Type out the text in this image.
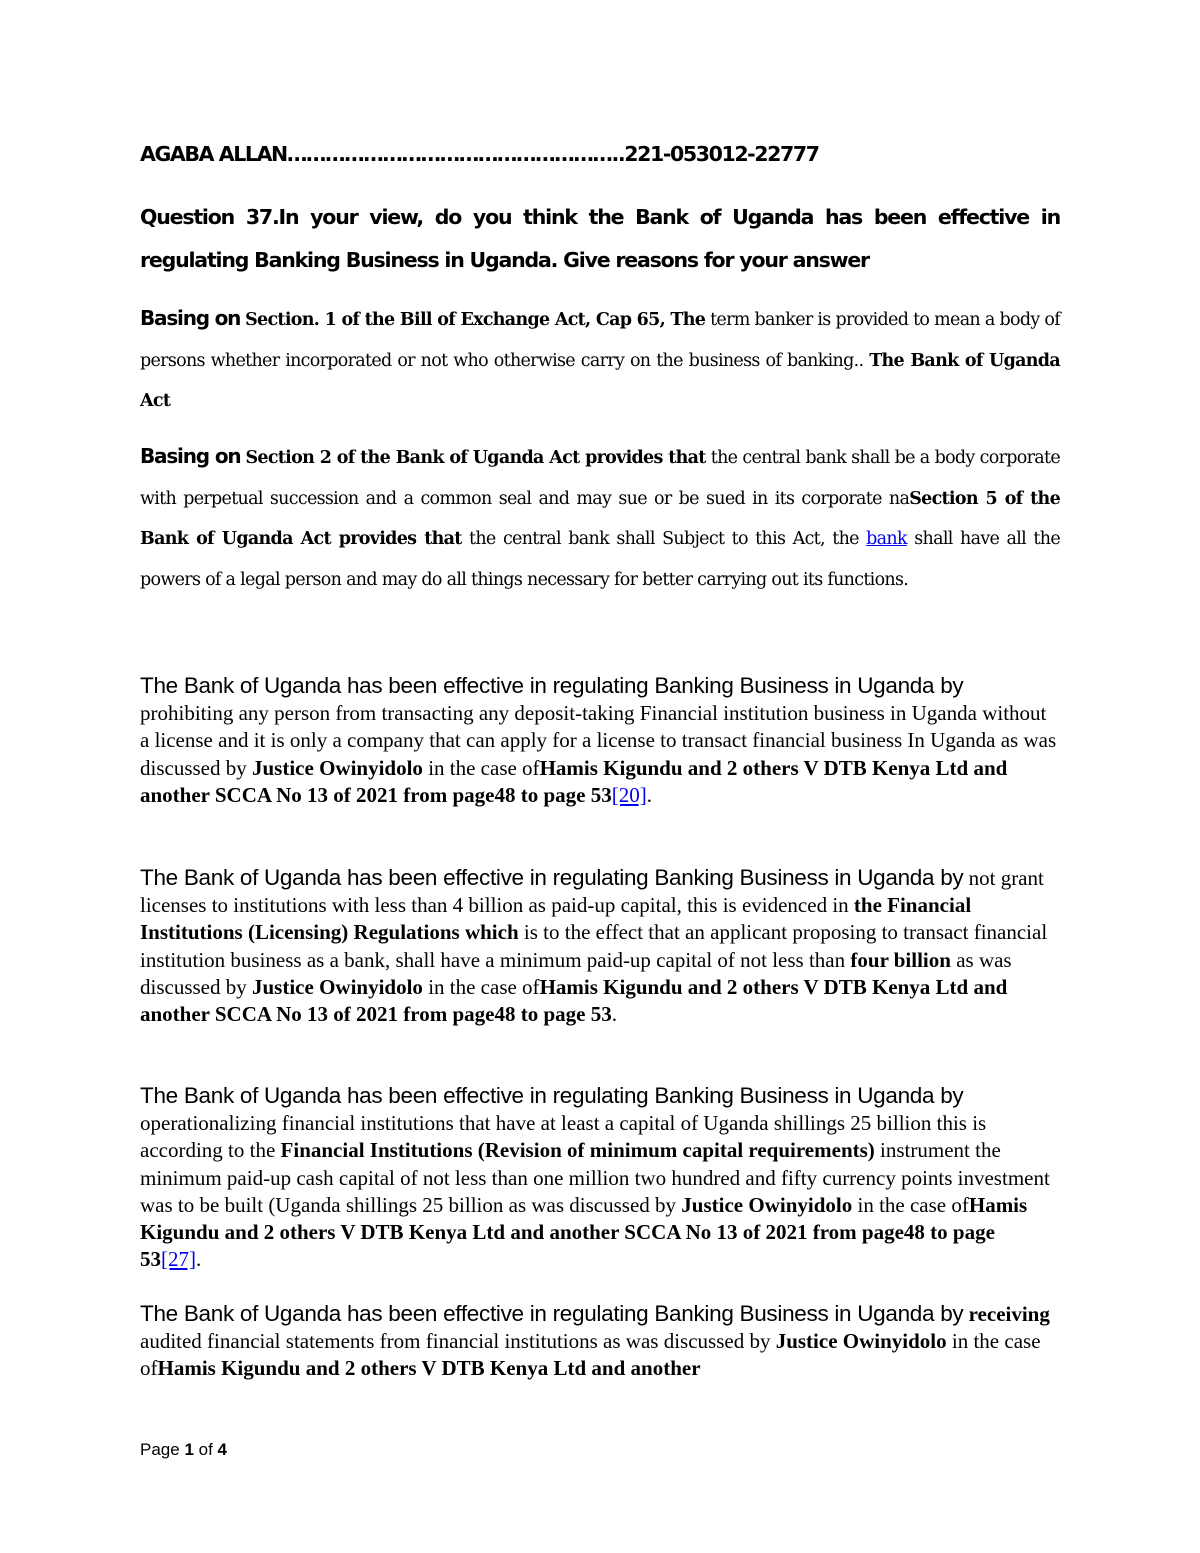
AGABA ALLAN……………………………………………..221-053012-22777
Question 37.In your view, do you think the Bank of Uganda has been effective in regulating Banking Business in Uganda. Give reasons for your answer
Basing on Section. 1 of the Bill of Exchange Act, Cap 65, The term banker is provided to mean a body of persons whether incorporated or not who otherwise carry on the business of banking.. The Bank of Uganda Act
Basing on Section 2 of the Bank of Uganda Act provides that the central bank shall be a body corporate with perpetual succession and a common seal and may sue or be sued in its corporate naSection 5 of the Bank of Uganda Act provides that the central bank shall Subject to this Act, the bank shall have all the powers of a legal person and may do all things necessary for better carrying out its functions.
The Bank of Uganda has been effective in regulating Banking Business in Uganda by prohibiting any person from transacting any deposit-taking Financial institution business in Uganda without a license and it is only a company that can apply for a license to transact financial business In Uganda as was discussed by Justice Owinyidolo in the case ofHamis Kigundu and 2 others V DTB Kenya Ltd and another SCCA No 13 of 2021 from page48 to page 53[20].
The Bank of Uganda has been effective in regulating Banking Business in Uganda by not grant licenses to institutions with less than 4 billion as paid-up capital, this is evidenced in the Financial Institutions (Licensing) Regulations which is to the effect that an applicant proposing to transact financial institution business as a bank, shall have a minimum paid-up capital of not less than four billion as was discussed by Justice Owinyidolo in the case ofHamis Kigundu and 2 others V DTB Kenya Ltd and another SCCA No 13 of 2021 from page48 to page 53.
The Bank of Uganda has been effective in regulating Banking Business in Uganda by operationalizing financial institutions that have at least a capital of Uganda shillings 25 billion this is according to the Financial Institutions (Revision of minimum capital requirements) instrument the minimum paid-up cash capital of not less than one million two hundred and fifty currency points investment was to be built (Uganda shillings 25 billion as was discussed by Justice Owinyidolo in the case ofHamis Kigundu and 2 others V DTB Kenya Ltd and another SCCA No 13 of 2021 from page48 to page 53[27].
The Bank of Uganda has been effective in regulating Banking Business in Uganda by receiving audited financial statements from financial institutions as was discussed by Justice Owinyidolo in the case ofHamis Kigundu and 2 others V DTB Kenya Ltd and another
Page 1 of 4
